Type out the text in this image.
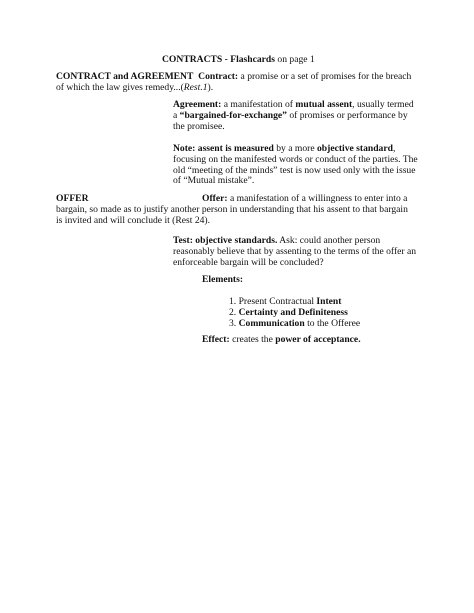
CONTRACTS - Flashcards on page 1

CONTRACT and AGREEMENT Contract: a promise or a set of promises for the breach

of which the law gives remedy...(Rest.1).

Agreement: a manifestation of mutual assent, usually termed
a “bargained-for-exchange” of promises or performance by
the promisee.
Note: assent is measured by a more objective standard,
focusing on the manifested words or conduct of the parties. The
old “meeting of the minds” test is now used only with the issue
of “Mutual mistake”.

OFFER	Offer: a manifestation of a willingness to enter into a

bargain, so made as to justify another person in understanding that his assent to that bargain

is invited and will conclude it (Rest 24).

Test: objective standards. Ask: could another person
reasonably believe that by assenting to the terms of the offer an
enforceable bargain will be concluded?

Elements:

1. Present Contractual Intent
2. Certainty and Definiteness
3. Communication to the Offeree

Effect: creates the power of acceptance.
